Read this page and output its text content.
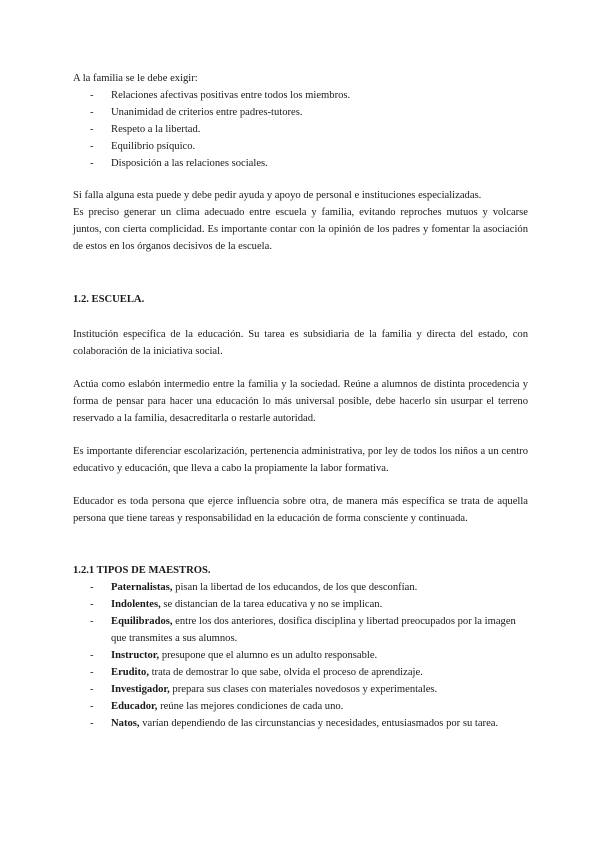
A la familia se le debe exigir:

- Relaciones afectivas positivas entre todos los miembros.
- Unanimidad de criterios entre padres-tutores.
- Respeto a la libertad.
- Equilibrio psíquico.
- Disposición a las relaciones sociales.

Si falla alguna esta puede y debe pedir ayuda y apoyo de personal e instituciones especializadas.

Es preciso generar un clima adecuado entre escuela y familia, evitando reproches mutuos y volcarse juntos, con cierta complicidad. Es importante contar con la opinión de los padres y fomentar la asociación de estos en los órganos decisivos de la escuela.

1.2. ESCUELA.

Institución específica de la educación. Su tarea es subsidiaria de la familia y directa del estado, con colaboración de la iniciativa social.

Actúa como eslabón intermedio entre la familia y la sociedad. Reúne a alumnos de distinta procedencia y forma de pensar para hacer una educación lo más universal posible, debe hacerlo sin usurpar el terreno reservado a la familia, desacreditarla o restarle autoridad.

Es importante diferenciar escolarización, pertenencia administrativa, por ley de todos los niños a un centro educativo y educación, que lleva a cabo la propiamente la labor formativa.

Educador es toda persona que ejerce influencia sobre otra, de manera más específica se trata de aquella persona que tiene tareas y responsabilidad en la educación de forma consciente y continuada.

1.2.1 TIPOS DE MAESTROS.
- Paternalistas, pisan la libertad de los educandos, de los que desconfían.
- Indolentes, se distancian de la tarea educativa y no se implican.
- Equilibrados, entre los dos anteriores, dosifica disciplina y libertad preocupados por la imagen que transmites a sus alumnos.
- Instructor, presupone que el alumno es un adulto responsable.
- Erudito, trata de demostrar lo que sabe, olvida el proceso de aprendizaje.
- Investigador, prepara sus clases con materiales novedosos y experimentales.
- Educador, reúne las mejores condiciones de cada uno.
- Natos, varían dependiendo de las circunstancias y necesidades, entusiasmados por su tarea.
